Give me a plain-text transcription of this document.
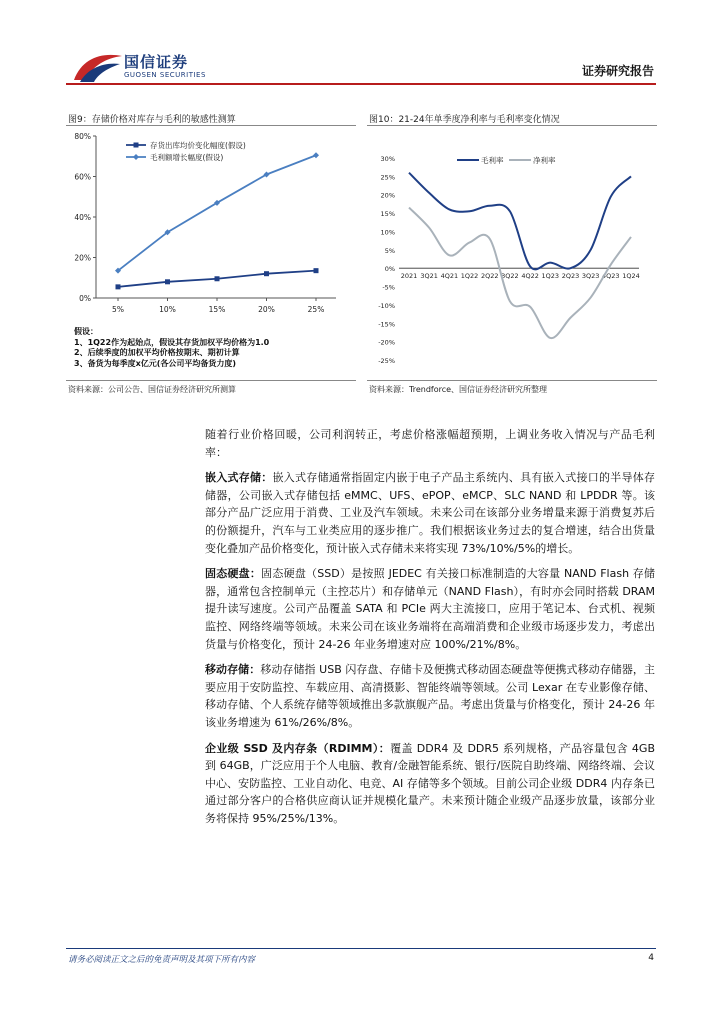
国信证券
GUOSEN SECURITIES	证券研究报告
图9：存储价格对库存与毛利的敏感性测算
0%
20%
40%
60%
80%
5%	10%	15%	20%	25%
存货出库均价变化幅度(假设)
毛利额增长幅度(假设)
假设：
1、1Q22作为起始点，假设其存货加权平均价格为1.0
2、后续季度的加权平均价格按期末、期初计算
3、备货为每季度x亿元(各公司平均备货力度)
资料来源：公司公告、国信证券经济研究所测算
图10：21-24年单季度净利率与毛利率变化情况
30%
25%
20%
15%
10%
5%
0%
-5%
-10%
-15%
-20%
-25%
2021 3Q21 4Q21 1Q22 2Q22 3Q22 4Q22 1Q23 2Q23 3Q23 4Q23 1Q24
毛利率	净利率
资料来源：Trendforce、国信证券经济研究所整理
随着行业价格回暖，公司利润转正，考虑价格涨幅超预期，上调业务收入情况与产品毛利率：
嵌入式存储：嵌入式存储通常指固定内嵌于电子产品主系统内、具有嵌入式接口的半导体存储器，公司嵌入式存储包括 eMMC、UFS、ePOP、eMCP、SLC NAND 和 LPDDR 等。该部分产品广泛应用于消费、工业及汽车领域。未来公司在该部分业务增量来源于消费复苏后的份额提升，汽车与工业类应用的逐步推广。我们根据该业务过去的复合增速，结合出货量变化叠加产品价格变化，预计嵌入式存储未来将实现 73%/10%/5%的增长。
固态硬盘：固态硬盘（SSD）是按照 JEDEC 有关接口标准制造的大容量 NAND Flash 存储器，通常包含控制单元（主控芯片）和存储单元（NAND Flash），有时亦会同时搭载 DRAM 提升读写速度。公司产品覆盖 SATA 和 PCIe 两大主流接口，应用于笔记本、台式机、视频监控、网络终端等领域。未来公司在该业务端将在高端消费和企业级市场逐步发力，考虑出货量与价格变化，预计 24-26 年业务增速对应 100%/21%/8%。
移动存储：移动存储指 USB 闪存盘、存储卡及便携式移动固态硬盘等便携式移动存储器，主要应用于安防监控、车载应用、高清摄影、智能终端等领域。公司 Lexar 在专业影像存储、移动存储、个人系统存储等领域推出多款旗舰产品。考虑出货量与价格变化，预计 24-26 年该业务增速为 61%/26%/8%。
企业级 SSD 及内存条（RDIMM）：覆盖 DDR4 及 DDR5 系列规格，产品容量包含 4GB 到 64GB，广泛应用于个人电脑、教育/金融智能系统、银行/医院自助终端、网络终端、会议中心、安防监控、工业自动化、电竞、AI 存储等多个领域。目前公司企业级 DDR4 内存条已通过部分客户的合格供应商认证并规模化量产。未来预计随企业级产品逐步放量，该部分业务将保持 95%/25%/13%。
请务必阅读正文之后的免责声明及其项下所有内容	4
